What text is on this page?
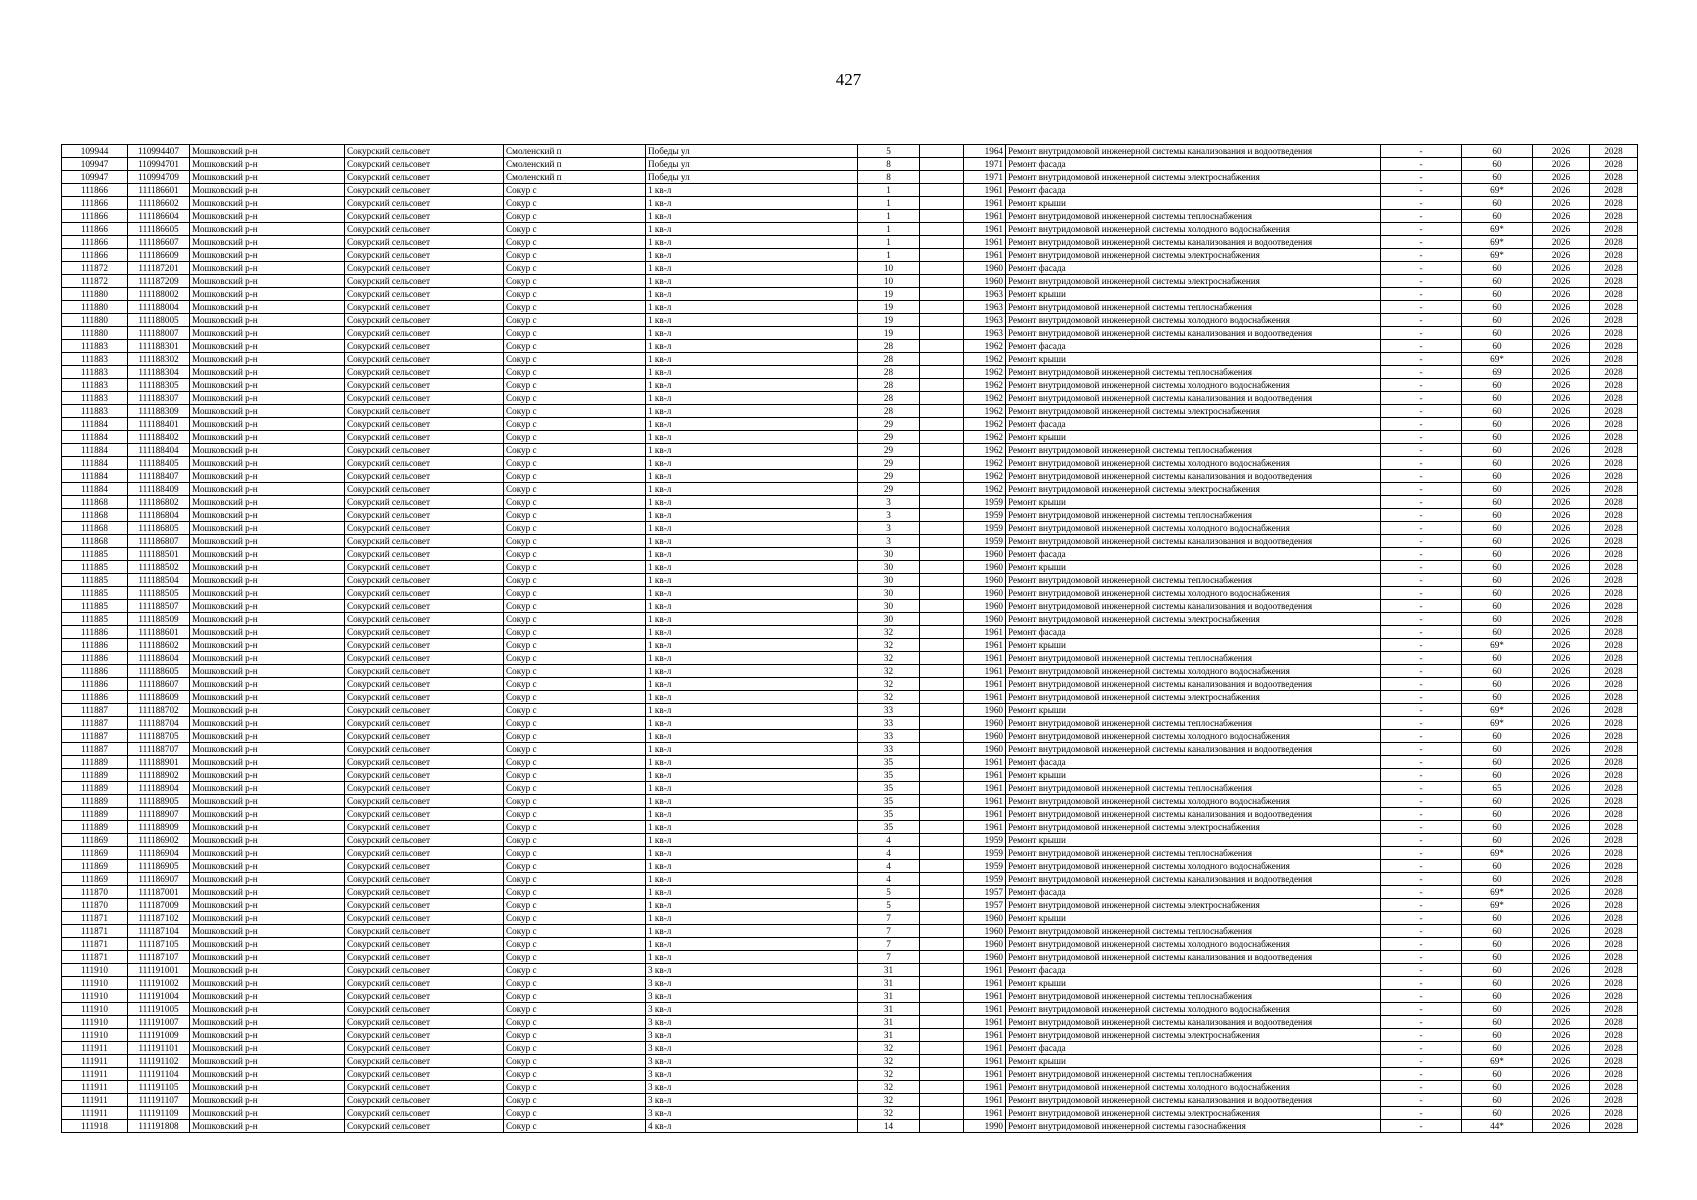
427
109944	110994407	Мошковский р-н	Сокурский сельсовет	Смоленский п	Победы ул	5		1964	Ремонт внутридомовой инженерной системы канализования и водоотведения	-	60	2026	2028
109947	110994701	Мошковский р-н	Сокурский сельсовет	Смоленский п	Победы ул	8		1971	Ремонт фасада	-	60	2026	2028
109947	110994709	Мошковский р-н	Сокурский сельсовет	Смоленский п	Победы ул	8		1971	Ремонт внутридомовой инженерной системы электроснабжения	-	60	2026	2028
111866	111186601	Мошковский р-н	Сокурский сельсовет	Сокур с	1 кв-л	1		1961	Ремонт фасада	-	69*	2026	2028
111866	111186602	Мошковский р-н	Сокурский сельсовет	Сокур с	1 кв-л	1		1961	Ремонт крыши	-	60	2026	2028
111866	111186604	Мошковский р-н	Сокурский сельсовет	Сокур с	1 кв-л	1		1961	Ремонт внутридомовой инженерной системы теплоснабжения	-	60	2026	2028
111866	111186605	Мошковский р-н	Сокурский сельсовет	Сокур с	1 кв-л	1		1961	Ремонт внутридомовой инженерной системы холодного водоснабжения	-	69*	2026	2028
111866	111186607	Мошковский р-н	Сокурский сельсовет	Сокур с	1 кв-л	1		1961	Ремонт внутридомовой инженерной системы канализования и водоотведения	-	69*	2026	2028
111866	111186609	Мошковский р-н	Сокурский сельсовет	Сокур с	1 кв-л	1		1961	Ремонт внутридомовой инженерной системы электроснабжения	-	69*	2026	2028
111872	111187201	Мошковский р-н	Сокурский сельсовет	Сокур с	1 кв-л	10		1960	Ремонт фасада	-	60	2026	2028
111872	111187209	Мошковский р-н	Сокурский сельсовет	Сокур с	1 кв-л	10		1960	Ремонт внутридомовой инженерной системы электроснабжения	-	60	2026	2028
111880	111188002	Мошковский р-н	Сокурский сельсовет	Сокур с	1 кв-л	19		1963	Ремонт крыши	-	60	2026	2028
111880	111188004	Мошковский р-н	Сокурский сельсовет	Сокур с	1 кв-л	19		1963	Ремонт внутридомовой инженерной системы теплоснабжения	-	60	2026	2028
111880	111188005	Мошковский р-н	Сокурский сельсовет	Сокур с	1 кв-л	19		1963	Ремонт внутридомовой инженерной системы холодного водоснабжения	-	60	2026	2028
111880	111188007	Мошковский р-н	Сокурский сельсовет	Сокур с	1 кв-л	19		1963	Ремонт внутридомовой инженерной системы канализования и водоотведения	-	60	2026	2028
111883	111188301	Мошковский р-н	Сокурский сельсовет	Сокур с	1 кв-л	28		1962	Ремонт фасада	-	60	2026	2028
111883	111188302	Мошковский р-н	Сокурский сельсовет	Сокур с	1 кв-л	28		1962	Ремонт крыши	-	69*	2026	2028
111883	111188304	Мошковский р-н	Сокурский сельсовет	Сокур с	1 кв-л	28		1962	Ремонт внутридомовой инженерной системы теплоснабжения	-	69	2026	2028
111883	111188305	Мошковский р-н	Сокурский сельсовет	Сокур с	1 кв-л	28		1962	Ремонт внутридомовой инженерной системы холодного водоснабжения	-	60	2026	2028
111883	111188307	Мошковский р-н	Сокурский сельсовет	Сокур с	1 кв-л	28		1962	Ремонт внутридомовой инженерной системы канализования и водоотведения	-	60	2026	2028
111883	111188309	Мошковский р-н	Сокурский сельсовет	Сокур с	1 кв-л	28		1962	Ремонт внутридомовой инженерной системы электроснабжения	-	60	2026	2028
111884	111188401	Мошковский р-н	Сокурский сельсовет	Сокур с	1 кв-л	29		1962	Ремонт фасада	-	60	2026	2028
111884	111188402	Мошковский р-н	Сокурский сельсовет	Сокур с	1 кв-л	29		1962	Ремонт крыши	-	60	2026	2028
111884	111188404	Мошковский р-н	Сокурский сельсовет	Сокур с	1 кв-л	29		1962	Ремонт внутридомовой инженерной системы теплоснабжения	-	60	2026	2028
111884	111188405	Мошковский р-н	Сокурский сельсовет	Сокур с	1 кв-л	29		1962	Ремонт внутридомовой инженерной системы холодного водоснабжения	-	60	2026	2028
111884	111188407	Мошковский р-н	Сокурский сельсовет	Сокур с	1 кв-л	29		1962	Ремонт внутридомовой инженерной системы канализования и водоотведения	-	60	2026	2028
111884	111188409	Мошковский р-н	Сокурский сельсовет	Сокур с	1 кв-л	29		1962	Ремонт внутридомовой инженерной системы электроснабжения	-	60	2026	2028
111868	111186802	Мошковский р-н	Сокурский сельсовет	Сокур с	1 кв-л	3		1959	Ремонт крыши	-	60	2026	2028
111868	111186804	Мошковский р-н	Сокурский сельсовет	Сокур с	1 кв-л	3		1959	Ремонт внутридомовой инженерной системы теплоснабжения	-	60	2026	2028
111868	111186805	Мошковский р-н	Сокурский сельсовет	Сокур с	1 кв-л	3		1959	Ремонт внутридомовой инженерной системы холодного водоснабжения	-	60	2026	2028
111868	111186807	Мошковский р-н	Сокурский сельсовет	Сокур с	1 кв-л	3		1959	Ремонт внутридомовой инженерной системы канализования и водоотведения	-	60	2026	2028
111885	111188501	Мошковский р-н	Сокурский сельсовет	Сокур с	1 кв-л	30		1960	Ремонт фасада	-	60	2026	2028
111885	111188502	Мошковский р-н	Сокурский сельсовет	Сокур с	1 кв-л	30		1960	Ремонт крыши	-	60	2026	2028
111885	111188504	Мошковский р-н	Сокурский сельсовет	Сокур с	1 кв-л	30		1960	Ремонт внутридомовой инженерной системы теплоснабжения	-	60	2026	2028
111885	111188505	Мошковский р-н	Сокурский сельсовет	Сокур с	1 кв-л	30		1960	Ремонт внутридомовой инженерной системы холодного водоснабжения	-	60	2026	2028
111885	111188507	Мошковский р-н	Сокурский сельсовет	Сокур с	1 кв-л	30		1960	Ремонт внутридомовой инженерной системы канализования и водоотведения	-	60	2026	2028
111885	111188509	Мошковский р-н	Сокурский сельсовет	Сокур с	1 кв-л	30		1960	Ремонт внутридомовой инженерной системы электроснабжения	-	60	2026	2028
111886	111188601	Мошковский р-н	Сокурский сельсовет	Сокур с	1 кв-л	32		1961	Ремонт фасада	-	60	2026	2028
111886	111188602	Мошковский р-н	Сокурский сельсовет	Сокур с	1 кв-л	32		1961	Ремонт крыши	-	69*	2026	2028
111886	111188604	Мошковский р-н	Сокурский сельсовет	Сокур с	1 кв-л	32		1961	Ремонт внутридомовой инженерной системы теплоснабжения	-	60	2026	2028
111886	111188605	Мошковский р-н	Сокурский сельсовет	Сокур с	1 кв-л	32		1961	Ремонт внутридомовой инженерной системы холодного водоснабжения	-	60	2026	2028
111886	111188607	Мошковский р-н	Сокурский сельсовет	Сокур с	1 кв-л	32		1961	Ремонт внутридомовой инженерной системы канализования и водоотведения	-	60	2026	2028
111886	111188609	Мошковский р-н	Сокурский сельсовет	Сокур с	1 кв-л	32		1961	Ремонт внутридомовой инженерной системы электроснабжения	-	60	2026	2028
111887	111188702	Мошковский р-н	Сокурский сельсовет	Сокур с	1 кв-л	33		1960	Ремонт крыши	-	69*	2026	2028
111887	111188704	Мошковский р-н	Сокурский сельсовет	Сокур с	1 кв-л	33		1960	Ремонт внутридомовой инженерной системы теплоснабжения	-	69*	2026	2028
111887	111188705	Мошковский р-н	Сокурский сельсовет	Сокур с	1 кв-л	33		1960	Ремонт внутридомовой инженерной системы холодного водоснабжения	-	60	2026	2028
111887	111188707	Мошковский р-н	Сокурский сельсовет	Сокур с	1 кв-л	33		1960	Ремонт внутридомовой инженерной системы канализования и водоотведения	-	60	2026	2028
111889	111188901	Мошковский р-н	Сокурский сельсовет	Сокур с	1 кв-л	35		1961	Ремонт фасада	-	60	2026	2028
111889	111188902	Мошковский р-н	Сокурский сельсовет	Сокур с	1 кв-л	35		1961	Ремонт крыши	-	60	2026	2028
111889	111188904	Мошковский р-н	Сокурский сельсовет	Сокур с	1 кв-л	35		1961	Ремонт внутридомовой инженерной системы теплоснабжения	-	65	2026	2028
111889	111188905	Мошковский р-н	Сокурский сельсовет	Сокур с	1 кв-л	35		1961	Ремонт внутридомовой инженерной системы холодного водоснабжения	-	60	2026	2028
111889	111188907	Мошковский р-н	Сокурский сельсовет	Сокур с	1 кв-л	35		1961	Ремонт внутридомовой инженерной системы канализования и водоотведения	-	60	2026	2028
111889	111188909	Мошковский р-н	Сокурский сельсовет	Сокур с	1 кв-л	35		1961	Ремонт внутридомовой инженерной системы электроснабжения	-	60	2026	2028
111869	111186902	Мошковский р-н	Сокурский сельсовет	Сокур с	1 кв-л	4		1959	Ремонт крыши	-	60	2026	2028
111869	111186904	Мошковский р-н	Сокурский сельсовет	Сокур с	1 кв-л	4		1959	Ремонт внутридомовой инженерной системы теплоснабжения	-	69*	2026	2028
111869	111186905	Мошковский р-н	Сокурский сельсовет	Сокур с	1 кв-л	4		1959	Ремонт внутридомовой инженерной системы холодного водоснабжения	-	60	2026	2028
111869	111186907	Мошковский р-н	Сокурский сельсовет	Сокур с	1 кв-л	4		1959	Ремонт внутридомовой инженерной системы канализования и водоотведения	-	60	2026	2028
111870	111187001	Мошковский р-н	Сокурский сельсовет	Сокур с	1 кв-л	5		1957	Ремонт фасада	-	69*	2026	2028
111870	111187009	Мошковский р-н	Сокурский сельсовет	Сокур с	1 кв-л	5		1957	Ремонт внутридомовой инженерной системы электроснабжения	-	69*	2026	2028
111871	111187102	Мошковский р-н	Сокурский сельсовет	Сокур с	1 кв-л	7		1960	Ремонт крыши	-	60	2026	2028
111871	111187104	Мошковский р-н	Сокурский сельсовет	Сокур с	1 кв-л	7		1960	Ремонт внутридомовой инженерной системы теплоснабжения	-	60	2026	2028
111871	111187105	Мошковский р-н	Сокурский сельсовет	Сокур с	1 кв-л	7		1960	Ремонт внутридомовой инженерной системы холодного водоснабжения	-	60	2026	2028
111871	111187107	Мошковский р-н	Сокурский сельсовет	Сокур с	1 кв-л	7		1960	Ремонт внутридомовой инженерной системы канализования и водоотведения	-	60	2026	2028
111910	111191001	Мошковский р-н	Сокурский сельсовет	Сокур с	3 кв-л	31		1961	Ремонт фасада	-	60	2026	2028
111910	111191002	Мошковский р-н	Сокурский сельсовет	Сокур с	3 кв-л	31		1961	Ремонт крыши	-	60	2026	2028
111910	111191004	Мошковский р-н	Сокурский сельсовет	Сокур с	3 кв-л	31		1961	Ремонт внутридомовой инженерной системы теплоснабжения	-	60	2026	2028
111910	111191005	Мошковский р-н	Сокурский сельсовет	Сокур с	3 кв-л	31		1961	Ремонт внутридомовой инженерной системы холодного водоснабжения	-	60	2026	2028
111910	111191007	Мошковский р-н	Сокурский сельсовет	Сокур с	3 кв-л	31		1961	Ремонт внутридомовой инженерной системы канализования и водоотведения	-	60	2026	2028
111910	111191009	Мошковский р-н	Сокурский сельсовет	Сокур с	3 кв-л	31		1961	Ремонт внутридомовой инженерной системы электроснабжения	-	60	2026	2028
111911	111191101	Мошковский р-н	Сокурский сельсовет	Сокур с	3 кв-л	32		1961	Ремонт фасада	-	60	2026	2028
111911	111191102	Мошковский р-н	Сокурский сельсовет	Сокур с	3 кв-л	32		1961	Ремонт крыши	-	69*	2026	2028
111911	111191104	Мошковский р-н	Сокурский сельсовет	Сокур с	3 кв-л	32		1961	Ремонт внутридомовой инженерной системы теплоснабжения	-	60	2026	2028
111911	111191105	Мошковский р-н	Сокурский сельсовет	Сокур с	3 кв-л	32		1961	Ремонт внутридомовой инженерной системы холодного водоснабжения	-	60	2026	2028
111911	111191107	Мошковский р-н	Сокурский сельсовет	Сокур с	3 кв-л	32		1961	Ремонт внутридомовой инженерной системы канализования и водоотведения	-	60	2026	2028
111911	111191109	Мошковский р-н	Сокурский сельсовет	Сокур с	3 кв-л	32		1961	Ремонт внутридомовой инженерной системы электроснабжения	-	60	2026	2028
111918	111191808	Мошковский р-н	Сокурский сельсовет	Сокур с	4 кв-л	14		1990	Ремонт внутридомовой инженерной системы газоснабжения	-	44*	2026	2028
